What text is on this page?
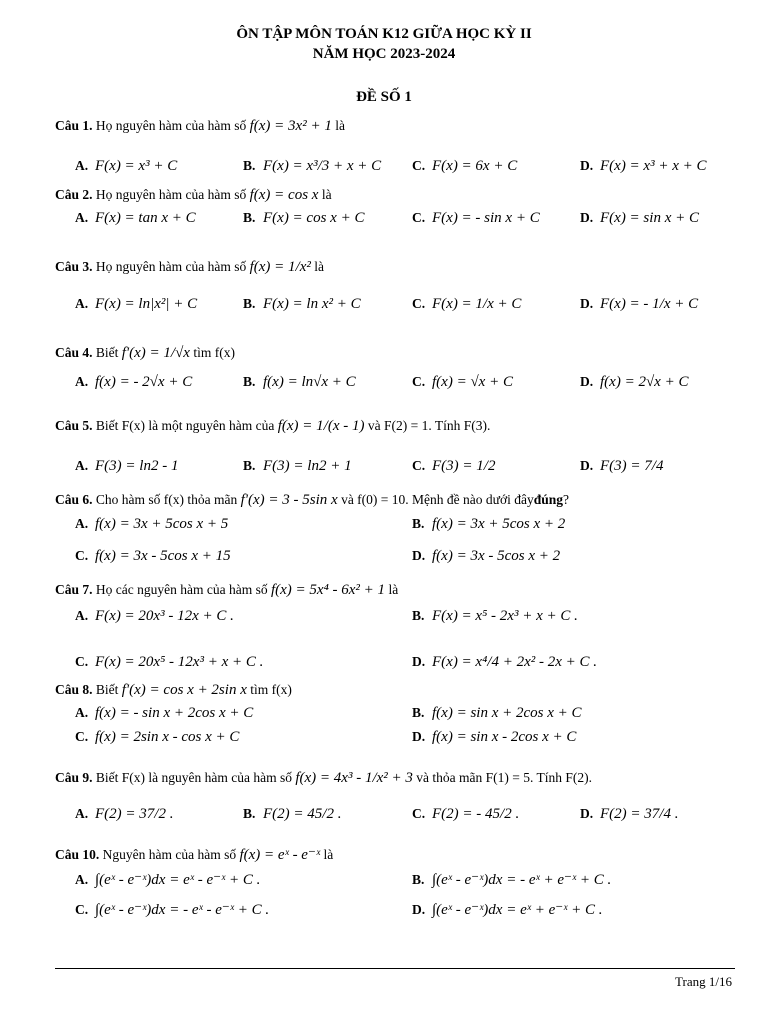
ÔN TẬP MÔN TOÁN K12 GIỮA HỌC KỲ II
NĂM HỌC 2023-2024
ĐỀ SỐ 1
Câu 1. Họ nguyên hàm của hàm số f(x) = 3x² + 1 là
A. F(x) = x³ + C	B. F(x) = x³/3 + x + C C. F(x) = 6x + C	D. F(x) = x³ + x + C
Câu 2. Họ nguyên hàm của hàm số f(x) = cos x là
A. F(x) = tan x + C	B. F(x) = cos x + C	C. F(x) = - sin x + C	D. F(x) = sin x + C
Câu 3. Họ nguyên hàm của hàm số f(x) = 1/x² là
A. F(x) = ln|x²| + C	B. F(x) = ln x² + C	C. F(x) = 1/x + C	D. F(x) = - 1/x + C
Câu 4. Biết f'(x) = 1/√x tìm f(x)
A. f(x) = - 2√x + C	B. f(x) = ln√x + C	C. f(x) = √x + C	D. f(x) = 2√x + C
Câu 5. Biết F(x) là một nguyên hàm của f(x) = 1/(x - 1) và F(2) = 1. Tính F(3).
A. F(3) = ln2 - 1	B. F(3) = ln2 + 1	C. F(3) = 1/2	D. F(3) = 7/4
Câu 6. Cho hàm số f(x) thỏa mãn f'(x) = 3 - 5sin x và f(0) = 10. Mệnh đề nào dưới đâyđúng?
A. f(x) = 3x + 5cos x + 5	B. f(x) = 3x + 5cos x + 2
C. f(x) = 3x - 5cos x + 15	D. f(x) = 3x - 5cos x + 2
Câu 7. Họ các nguyên hàm của hàm số f(x) = 5x⁴ - 6x² + 1 là
A. F(x) = 20x³ - 12x + C .	B. F(x) = x⁵ - 2x³ + x + C .
C. F(x) = 20x⁵ - 12x³ + x + C .	D. F(x) = x⁴/4 + 2x² - 2x + C .
Câu 8. Biết f'(x) = cos x + 2sin x tìm f(x)
A. f(x) = - sin x + 2cos x + C	B. f(x) = sin x + 2cos x + C
C. f(x) = 2sin x - cos x + C	D. f(x) = sin x - 2cos x + C
Câu 9. Biết F(x) là nguyên hàm của hàm số f(x) = 4x³ - 1/x² + 3 và thỏa mãn F(1) = 5. Tính F(2).
A. F(2) = 37/2 .	B. F(2) = 45/2 .	C. F(2) = - 45/2 .	D. F(2) = 37/4 .
Câu 10. Nguyên hàm của hàm số f(x) = eˣ - e⁻ˣ là
A. ∫(eˣ - e⁻ˣ)dx = eˣ - e⁻ˣ + C .	B. ∫(eˣ - e⁻ˣ)dx = - eˣ + e⁻ˣ + C .
C. ∫(eˣ - e⁻ˣ)dx = - eˣ - e⁻ˣ + C .	D. ∫(eˣ - e⁻ˣ)dx = eˣ + e⁻ˣ + C .
Trang 1/16
